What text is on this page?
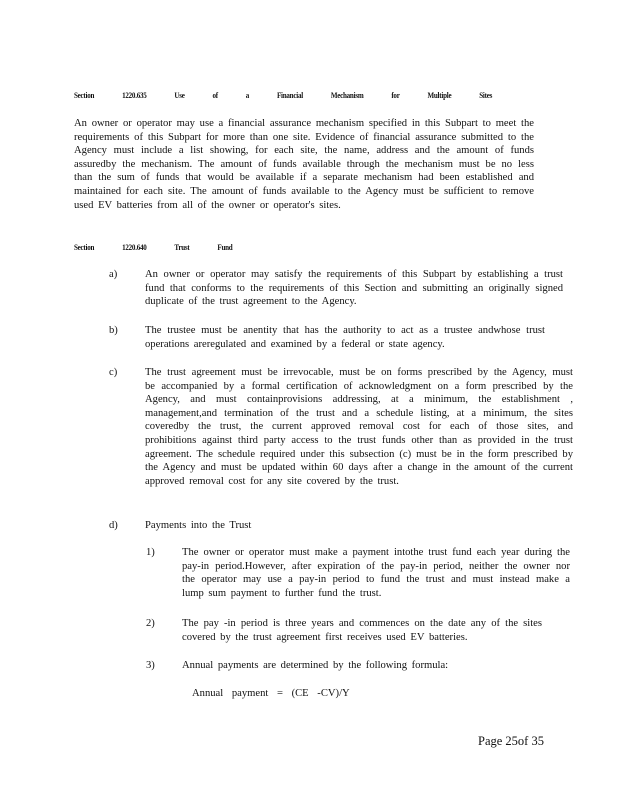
Section	1220.635	Use	of	a	Financial	Mechanism	for	Multiple	Sites
An owner or operator may use a financial assurance mechanism specified in this Subpart to meet the requirements of this Subpart for more than one site. Evidence of financial assurance submitted to the Agency must include a list showing, for each site, the name, address and the amount of funds assuredby the mechanism. The amount of funds available through the mechanism must be no less than the sum of funds that would be available if a separate mechanism had been established and maintained for each site. The amount of funds available to the Agency must be sufficient to remove used EV batteries from all of the owner or operator's sites.
Section	1220.640	Trust	Fund
a)	An owner or operator may satisfy the requirements of this Subpart by establishing a trust fund that conforms to the requirements of this Section and submitting an originally signed duplicate of the trust agreement to the Agency.
b)	The trustee must be anentity that has the authority to act as a trustee andwhose trust operations areregulated and examined by a federal or state agency.
c)	The trust agreement must be irrevocable, must be on forms prescribed by the Agency, must be accompanied by a formal certification of acknowledgment on a form prescribed by the Agency, and must containprovisions addressing, at a minimum, the establishment , management,and termination of the trust and a schedule listing, at a minimum, the sites coveredby the trust, the current approved removal cost for each of those sites, and prohibitions against third party access to the trust funds other than as provided in the trust agreement. The schedule required under this subsection (c) must be in the form prescribed by the Agency and must be updated within 60 days after a change in the amount of the current approved removal cost for any site covered by the trust.
d)	Payments into the Trust
1)	The owner or operator must make a payment intothe trust fund each year during the pay-in period.However, after expiration of the pay-in period, neither the owner nor the operator may use a pay-in period to fund the trust and must instead make a lump sum payment to further fund the trust.
2)	The pay -in period is three years and commences on the date any of the sites covered by the trust agreement first receives used EV batteries.
3)	Annual payments are determined by the following formula:
Annual payment = (CE -CV)/Y
Page 25of 35
